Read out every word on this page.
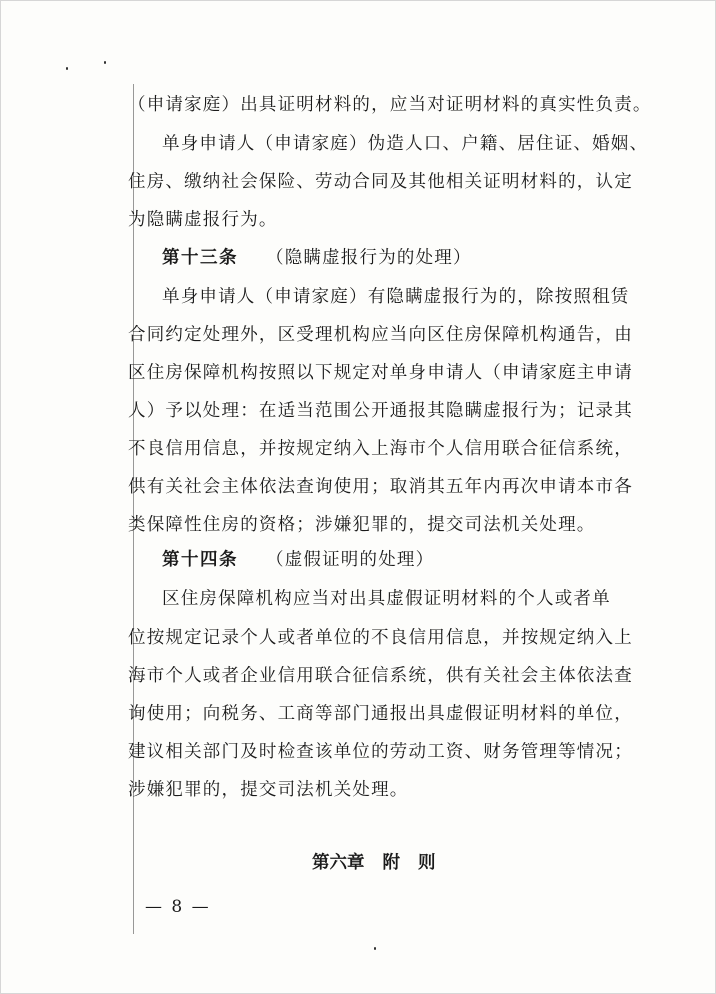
（申请家庭）出具证明材料的，应当对证明材料的真实性负责。
单身申请人（申请家庭）伪造人口、户籍、居住证、婚姻、
住房、缴纳社会保险、劳动合同及其他相关证明材料的，认定
为隐瞒虚报行为。
第十三条 （隐瞒虚报行为的处理）
单身申请人（申请家庭）有隐瞒虚报行为的，除按照租赁
合同约定处理外，区受理机构应当向区住房保障机构通告，由
区住房保障机构按照以下规定对单身申请人（申请家庭主申请
人）予以处理：在适当范围公开通报其隐瞒虚报行为；记录其
不良信用信息，并按规定纳入上海市个人信用联合征信系统，
供有关社会主体依法查询使用；取消其五年内再次申请本市各
类保障性住房的资格；涉嫌犯罪的，提交司法机关处理。
第十四条 （虚假证明的处理）
区住房保障机构应当对出具虚假证明材料的个人或者单
位按规定记录个人或者单位的不良信用信息，并按规定纳入上
海市个人或者企业信用联合征信系统，供有关社会主体依法查
询使用；向税务、工商等部门通报出具虚假证明材料的单位，
建议相关部门及时检查该单位的劳动工资、财务管理等情况；
涉嫌犯罪的，提交司法机关处理。
第六章 附 则
— 8 —
